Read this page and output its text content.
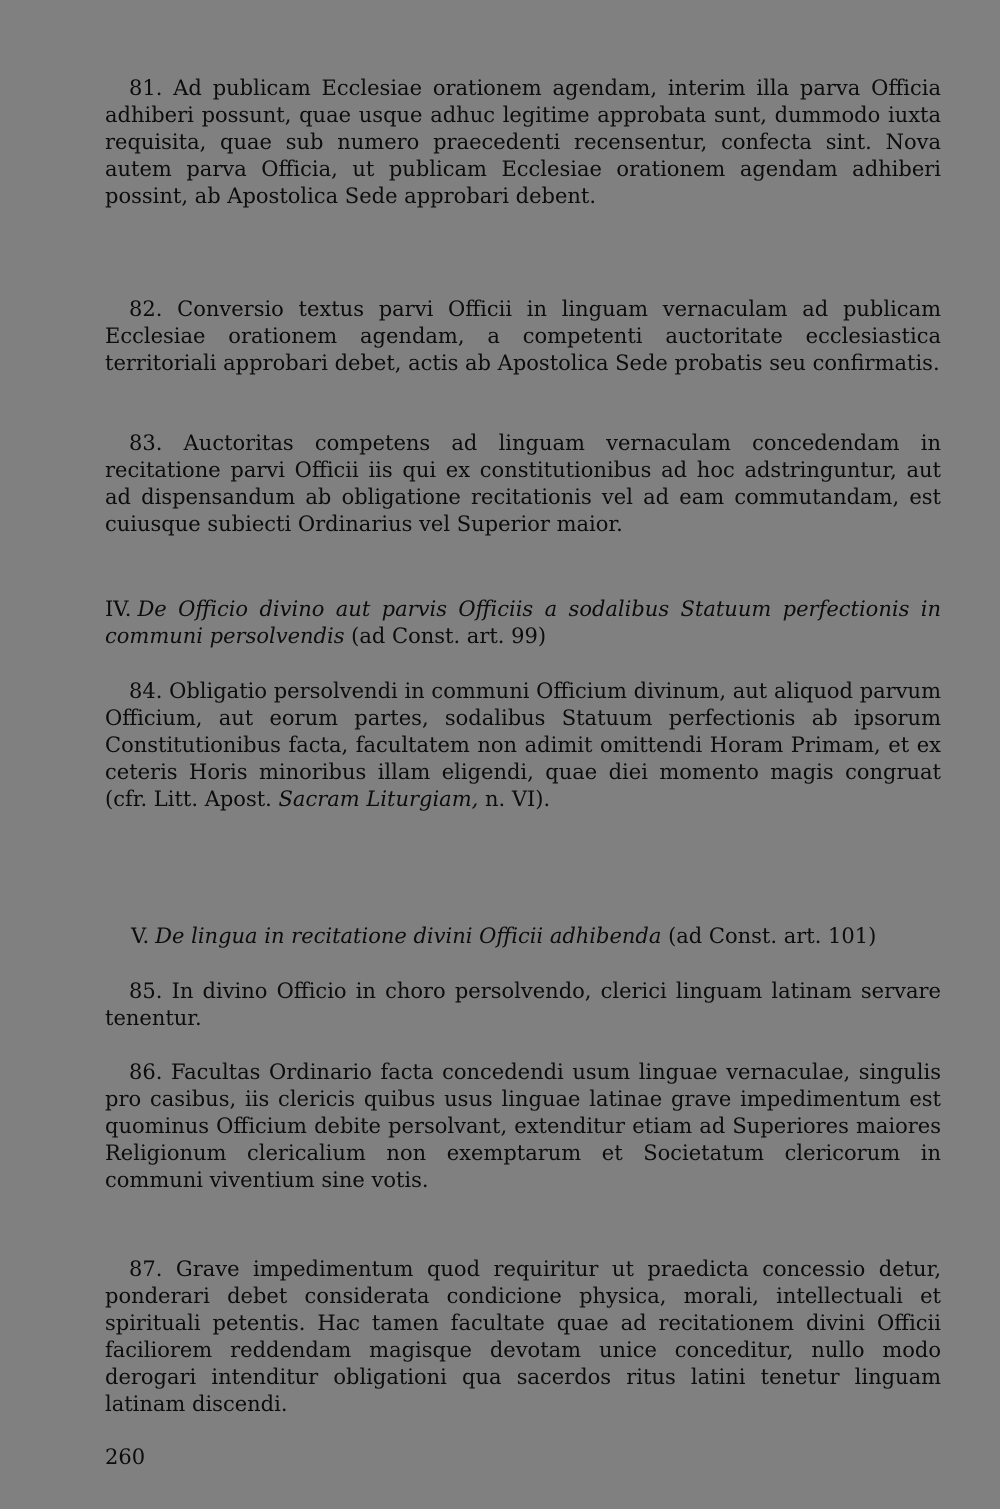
81. Ad publicam Ecclesiae orationem agendam, interim illa parva Officia adhiberi possunt, quae usque adhuc legitime approbata sunt, dummodo iuxta requisita, quae sub numero praecedenti recensentur, confecta sint. Nova autem parva Officia, ut publicam Ecclesiae orationem agendam adhiberi possint, ab Apostolica Sede approbari debent.

82. Conversio textus parvi Officii in linguam vernaculam ad publicam Ecclesiae orationem agendam, a competenti auctoritate ecclesiastica territoriali approbari debet, actis ab Apostolica Sede probatis seu confirmatis.

83. Auctoritas competens ad linguam vernaculam concedendam in recitatione parvi Officii iis qui ex constitutionibus ad hoc adstringuntur, aut ad dispensandum ab obligatione recitationis vel ad eam commutandam, est cuiusque subiecti Ordinarius vel Superior maior.

IV. De Officio divino aut parvis Officiis a sodalibus Statuum perfectionis in communi persolvendis (ad Const. art. 99)

84. Obligatio persolvendi in communi Officium divinum, aut aliquod parvum Officium, aut eorum partes, sodalibus Statuum perfectionis ab ipsorum Constitutionibus facta, facultatem non adimit omittendi Horam Primam, et ex ceteris Horis minoribus illam eligendi, quae diei momento magis congruat (cfr. Litt. Apost. Sacram Liturgiam, n. VI).

V. De lingua in recitatione divini Officii adhibenda (ad Const. art. 101)

85. In divino Officio in choro persolvendo, clerici linguam latinam servare tenentur.

86. Facultas Ordinario facta concedendi usum linguae vernaculae, singulis pro casibus, iis clericis quibus usus linguae latinae grave impedimentum est quominus Officium debite persolvant, extenditur etiam ad Superiores maiores Religionum clericalium non exemptarum et Societatum clericorum in communi viventium sine votis.

87. Grave impedimentum quod requiritur ut praedicta concessio detur, ponderari debet considerata condicione physica, morali, intellectuali et spirituali petentis. Hac tamen facultate quae ad recitationem divini Officii faciliorem reddendam magisque devotam unice conceditur, nullo modo derogari intenditur obligationi qua sacerdos ritus latini tenetur linguam latinam discendi.

260
